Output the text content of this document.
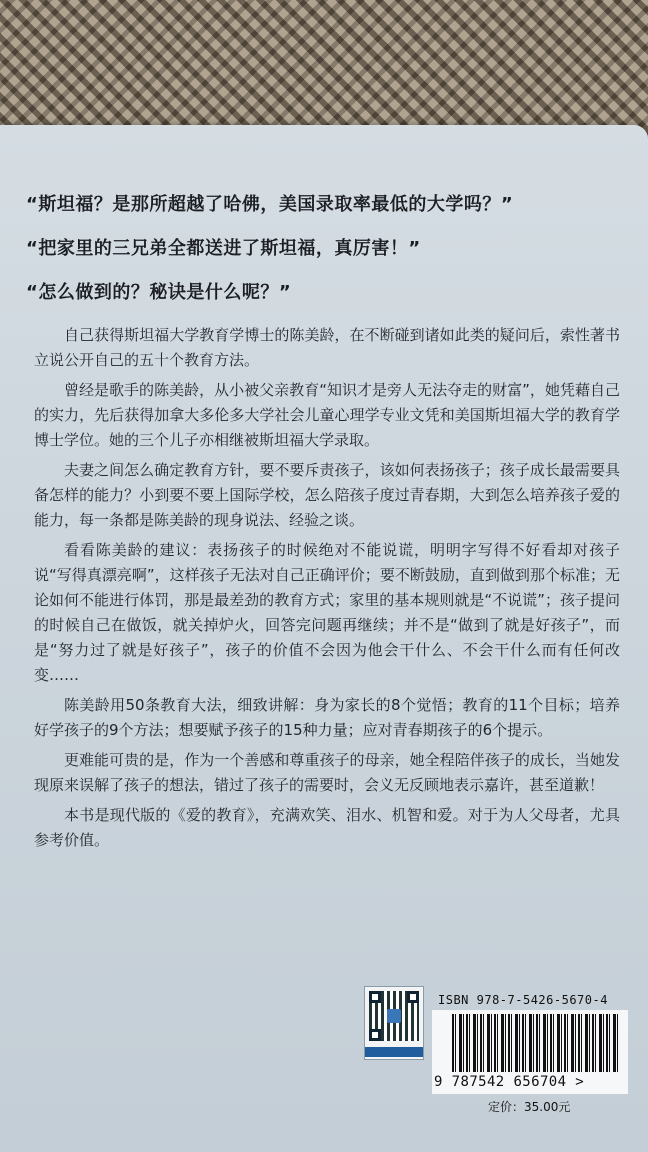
“斯坦福？是那所超越了哈佛，美国录取率最低的大学吗？”
“把家里的三兄弟全都送进了斯坦福，真厉害！”
“怎么做到的？秘诀是什么呢？”

自己获得斯坦福大学教育学博士的陈美龄，在不断碰到诸如此类的疑问后，索性著书立说公开自己的五十个教育方法。

曾经是歌手的陈美龄，从小被父亲教育“知识才是旁人无法夺走的财富”，她凭藉自己的实力，先后获得加拿大多伦多大学社会儿童心理学专业文凭和美国斯坦福大学的教育学博士学位。她的三个儿子亦相继被斯坦福大学录取。

夫妻之间怎么确定教育方针，要不要斥责孩子，该如何表扬孩子；孩子成长最需要具备怎样的能力？小到要不要上国际学校，怎么陪孩子度过青春期，大到怎么培养孩子爱的能力，每一条都是陈美龄的现身说法、经验之谈。

看看陈美龄的建议：表扬孩子的时候绝对不能说谎，明明字写得不好看却对孩子说“写得真漂亮啊”，这样孩子无法对自己正确评价；要不断鼓励，直到做到那个标准；无论如何不能进行体罚，那是最差劲的教育方式；家里的基本规则就是“不说谎”；孩子提问的时候自己在做饭，就关掉炉火，回答完问题再继续；并不是“做到了就是好孩子”，而是“努力过了就是好孩子”，孩子的价值不会因为他会干什么、不会干什么而有任何改变……

陈美龄用50条教育大法，细致讲解：身为家长的8个觉悟；教育的11个目标；培养好学孩子的9个方法；想要赋予孩子的15种力量；应对青春期孩子的6个提示。

更难能可贵的是，作为一个善感和尊重孩子的母亲，她全程陪伴孩子的成长，当她发现原来误解了孩子的想法，错过了孩子的需要时，会义无反顾地表示嘉许，甚至道歉！

本书是现代版的《爱的教育》，充满欢笑、泪水、机智和爱。对于为人父母者，尤具参考价值。

ISBN 978-7-5426-5670-4
9 787542 656704 >
定价：35.00元
